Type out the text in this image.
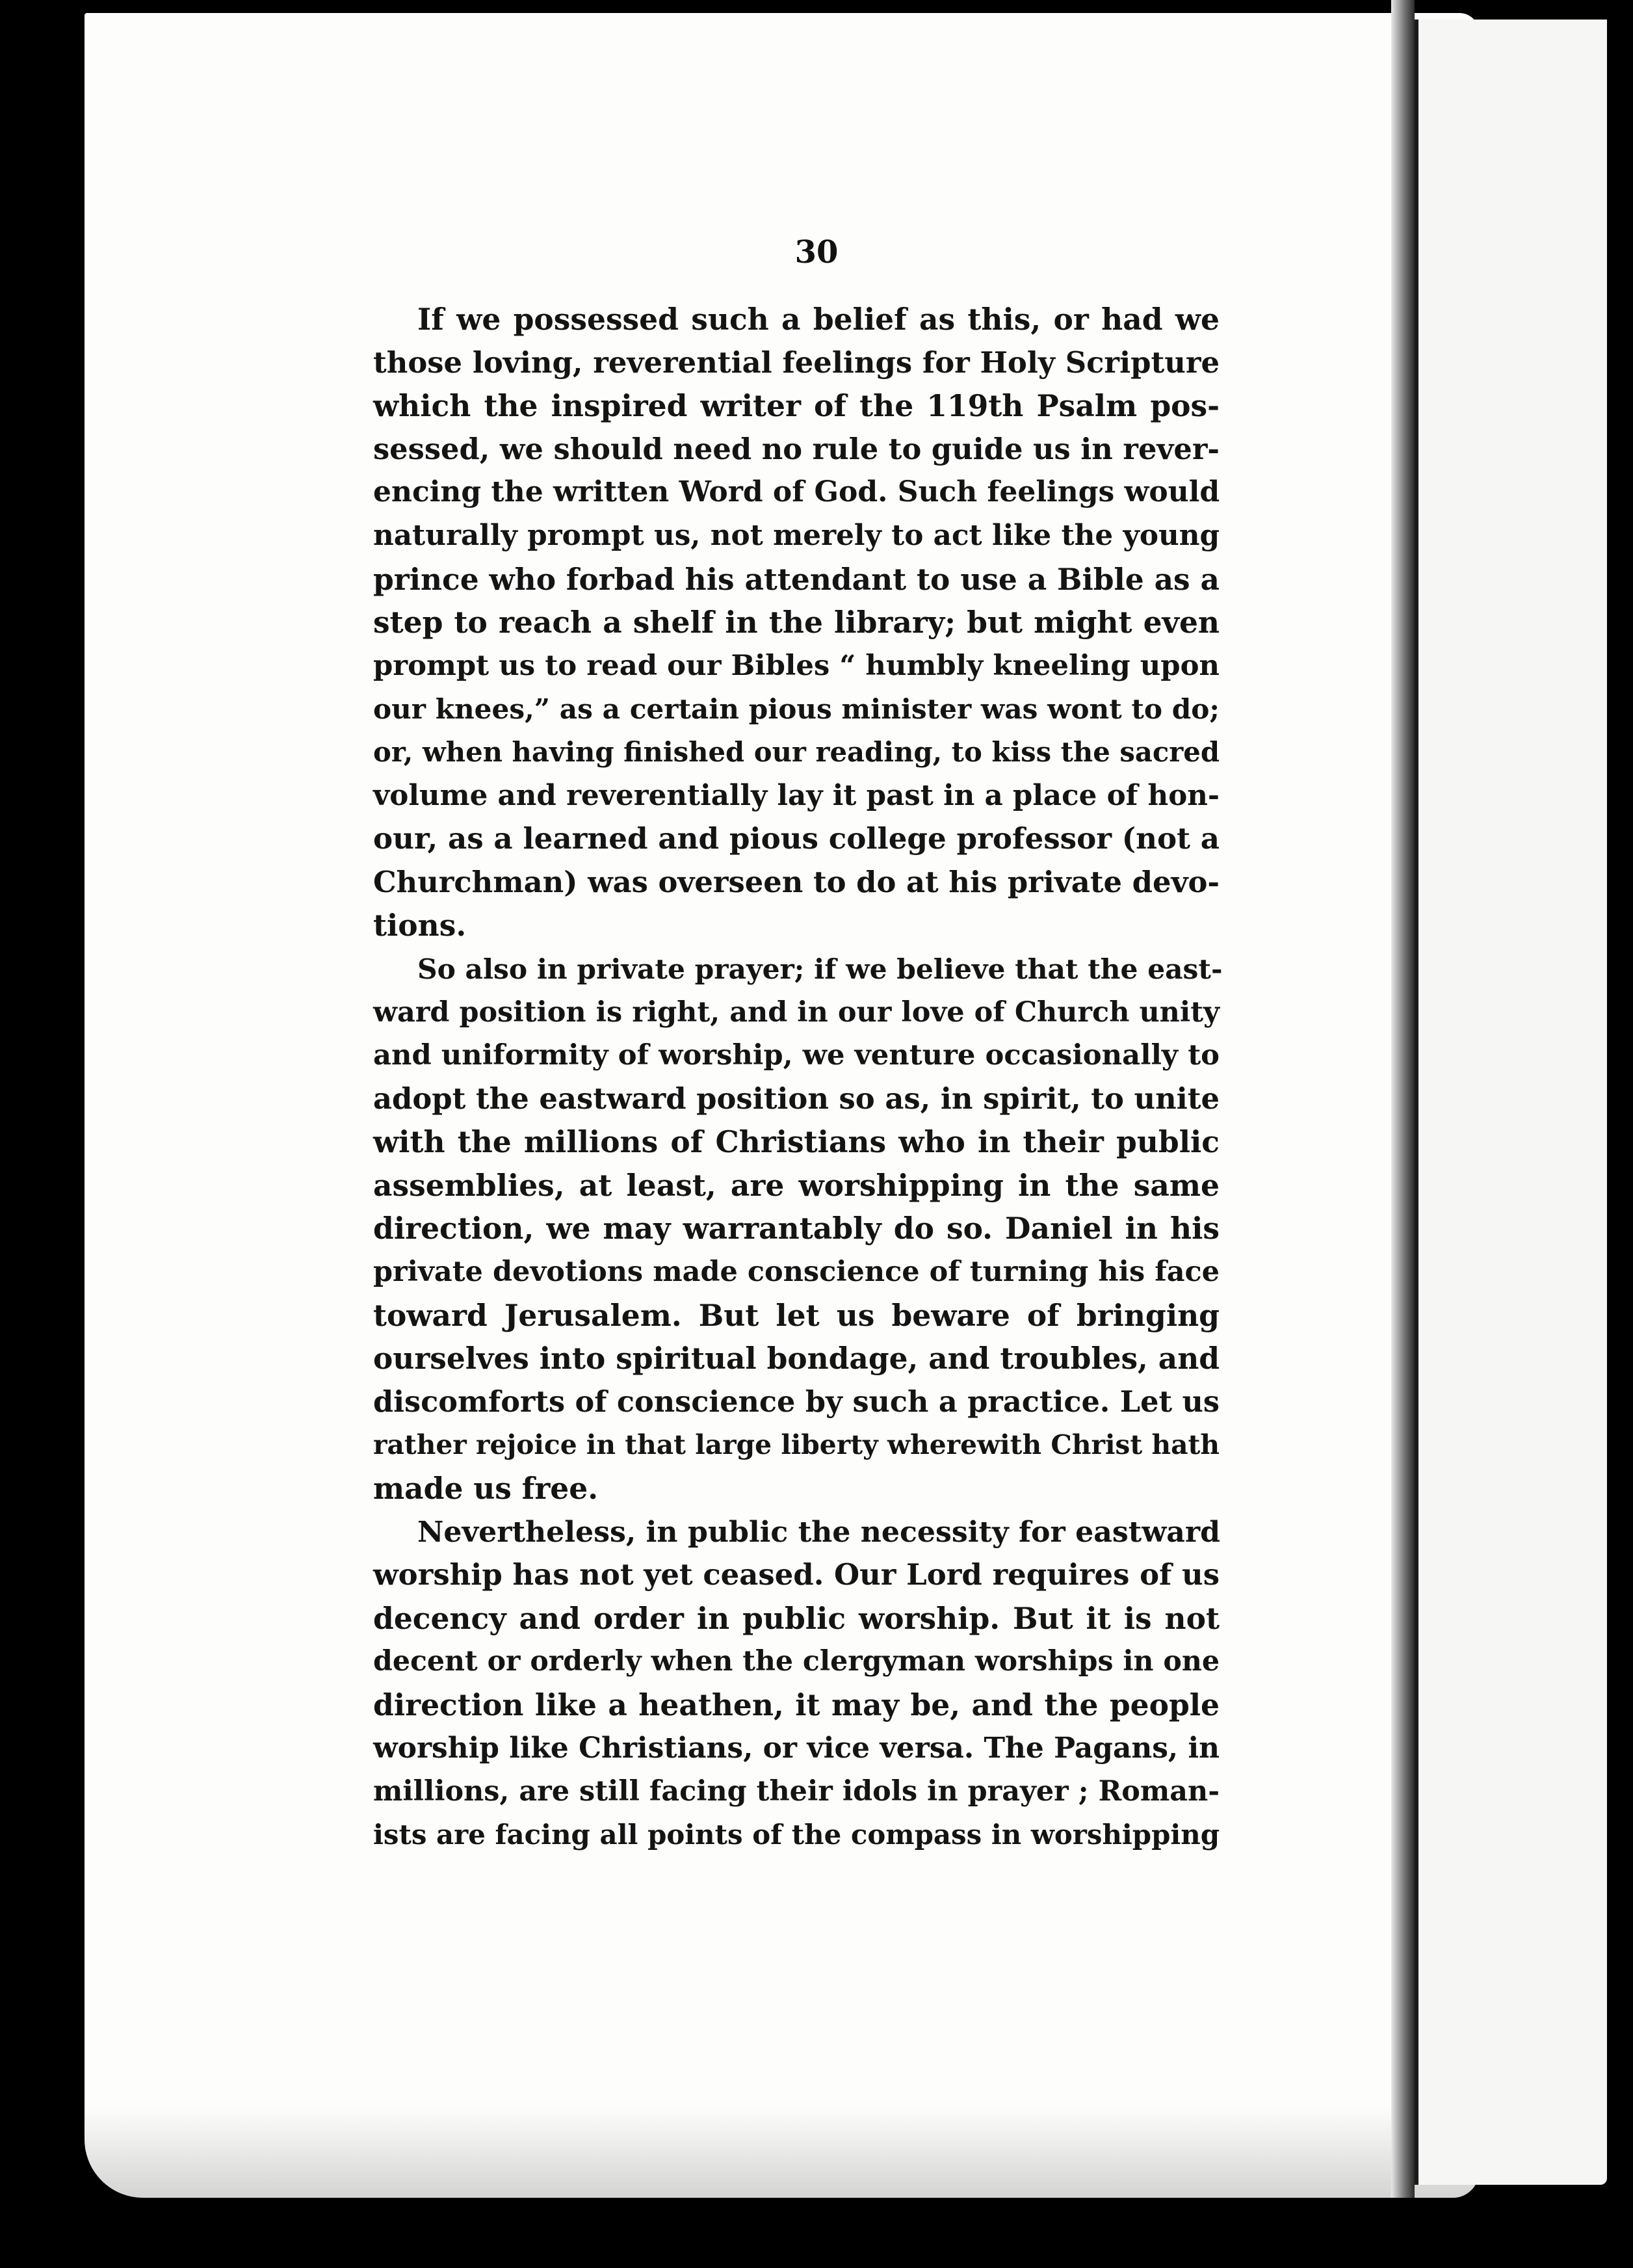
30

If we possessed such a belief as this, or had we
those loving, reverential feelings for Holy Scripture
which the inspired writer of the 119th Psalm pos-
sessed, we should need no rule to guide us in rever-
encing the written Word of God. Such feelings would
naturally prompt us, not merely to act like the young
prince who forbad his attendant to use a Bible as a
step to reach a shelf in the library; but might even
prompt us to read our Bibles “ humbly kneeling upon
our knees,” as a certain pious minister was wont to do;
or, when having finished our reading, to kiss the sacred
volume and reverentially lay it past in a place of hon-
our, as a learned and pious college professor (not a
Churchman) was overseen to do at his private devo-
tions.
So also in private prayer; if we believe that the east-
ward position is right, and in our love of Church unity
and uniformity of worship, we venture occasionally to
adopt the eastward position so as, in spirit, to unite
with the millions of Christians who in their public
assemblies, at least, are worshipping in the same
direction, we may warrantably do so. Daniel in his
private devotions made conscience of turning his face
toward Jerusalem. But let us beware of bringing
ourselves into spiritual bondage, and troubles, and
discomforts of conscience by such a practice. Let us
rather rejoice in that large liberty wherewith Christ hath
made us free.
Nevertheless, in public the necessity for eastward
worship has not yet ceased. Our Lord requires of us
decency and order in public worship. But it is not
decent or orderly when the clergyman worships in one
direction like a heathen, it may be, and the people
worship like Christians, or vice versa. The Pagans, in
millions, are still facing their idols in prayer ; Roman-
ists are facing all points of the compass in worshipping
